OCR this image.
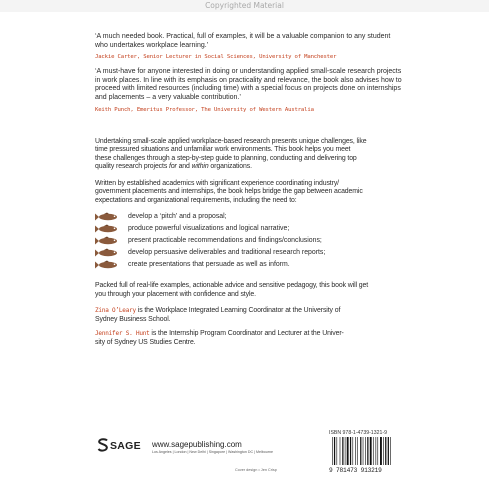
Copyrighted Material

‘A much needed book. Practical, full of examples, it will be a valuable companion to any student who undertakes workplace learning.’

Jackie Carter, Senior Lecturer in Social Sciences, University of Manchester

‘A must-have for anyone interested in doing or understanding applied small-scale research projects in work places. In line with its emphasis on practicality and relevance, the book also advises how to proceed with limited resources (including time) with a special focus on projects done on internships and placements – a very valuable contribution.’

Keith Punch, Emeritus Professor, The University of Western Australia

Undertaking small-scale applied workplace-based research presents unique challenges, like

time pressured situations and unfamiliar work environments. This book helps you meet

these challenges through a step-by-step guide to planning, conducting and delivering top

quality research projects for and within organizations.

Written by established academics with significant experience coordinating industry/

government placements and internships, the book helps bridge the gap between academic

expectations and organizational requirements, including the need to:

develop a ‘pitch’ and a proposal;
produce powerful visualizations and logical narrative;
present practicable recommendations and findings/conclusions;
develop persuasive deliverables and traditional research reports;
create presentations that persuade as well as inform.

Packed full of real-life examples, actionable advice and sensitive pedagogy, this book will get

you through your placement with confidence and style.

Zina O’Leary is the Workplace Integrated Learning Coordinator at the University of

Sydney Business School.

Jennifer S. Hunt is the Internship Program Coordinator and Lecturer at the Univer-

sity of Sydney US Studies Centre.

SAGE www.sagepublishing.com
Los Angeles | London | New Delhi | Singapore | Washington DC | Melbourne
Cover design • Jen Crisp
ISBN 978-1-4739-1321-9
9 781473 913219
